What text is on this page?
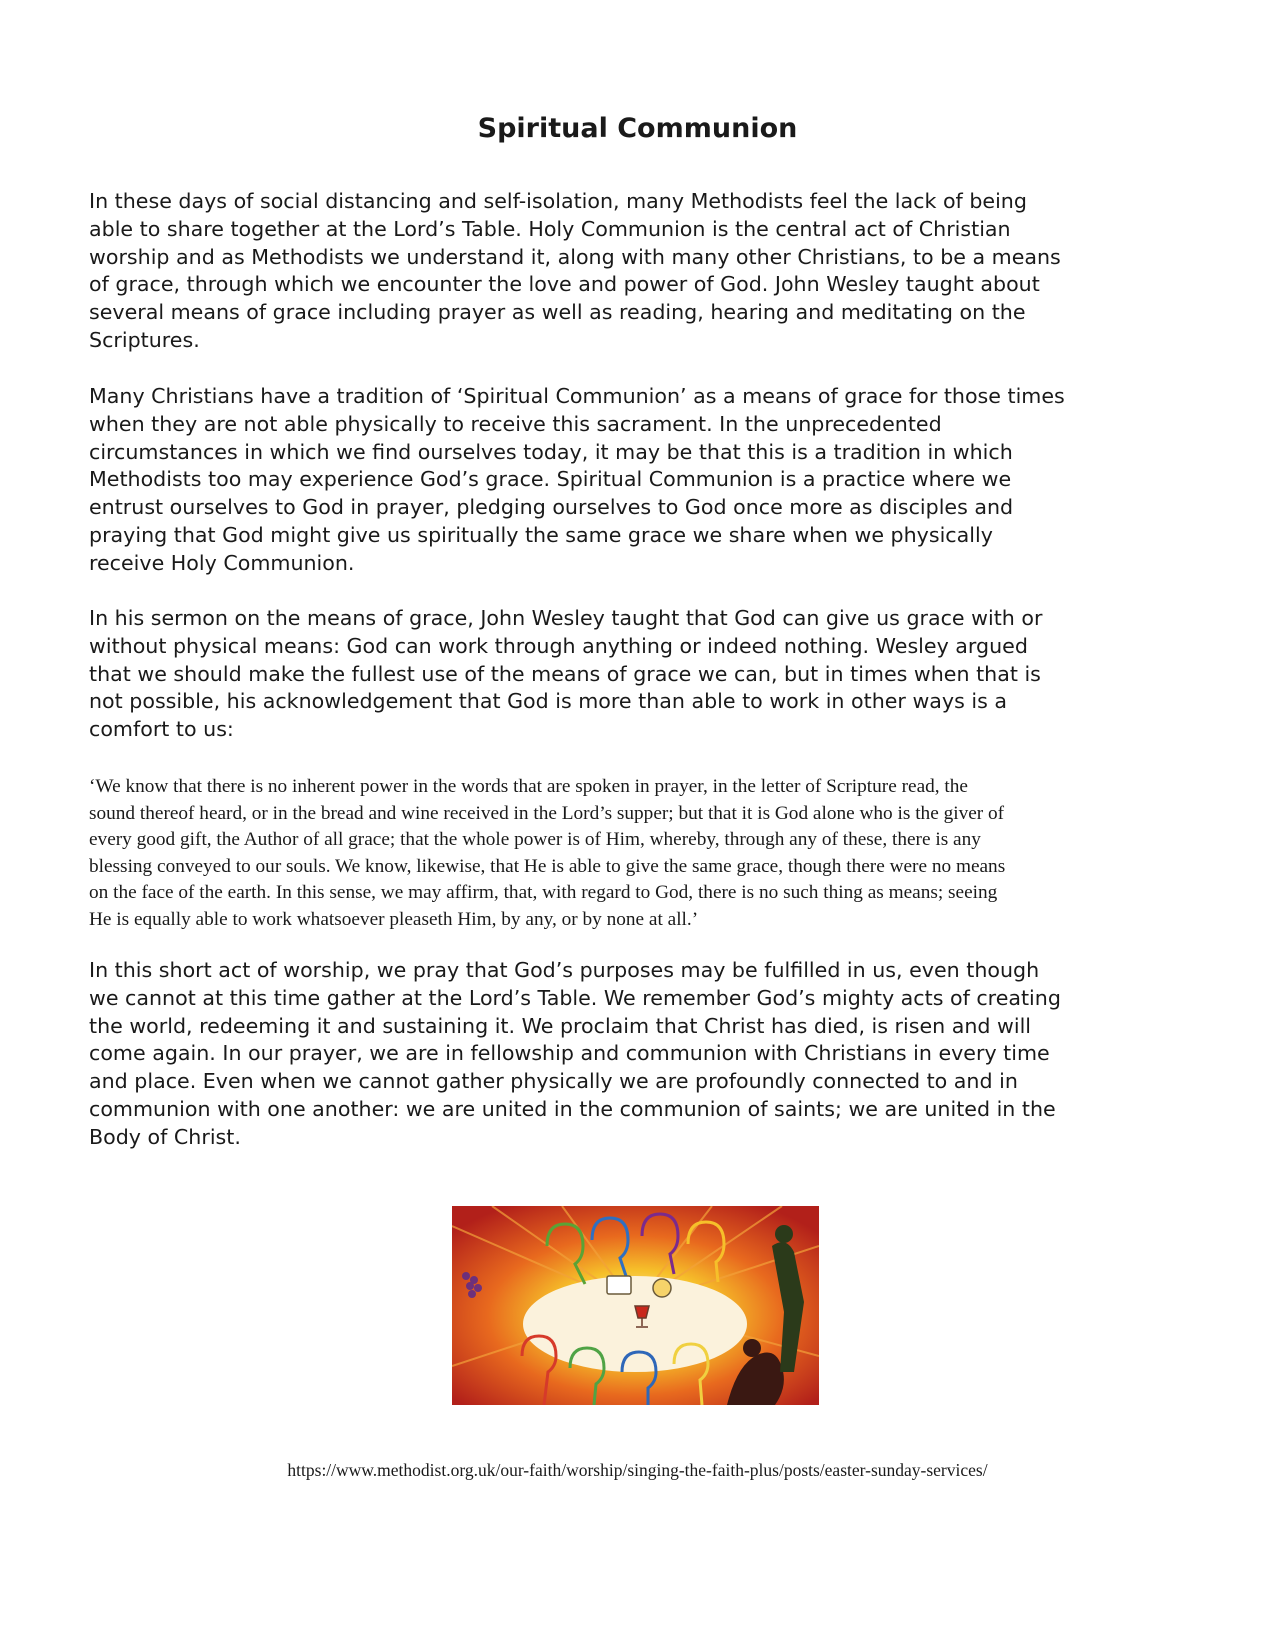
Spiritual Communion

In these days of social distancing and self-isolation, many Methodists feel the lack of being
able to share together at the Lord’s Table. Holy Communion is the central act of Christian
worship and as Methodists we understand it, along with many other Christians, to be a means
of grace, through which we encounter the love and power of God. John Wesley taught about
several means of grace including prayer as well as reading, hearing and meditating on the
Scriptures.

Many Christians have a tradition of ‘Spiritual Communion’ as a means of grace for those times
when they are not able physically to receive this sacrament. In the unprecedented
circumstances in which we find ourselves today, it may be that this is a tradition in which
Methodists too may experience God’s grace. Spiritual Communion is a practice where we
entrust ourselves to God in prayer, pledging ourselves to God once more as disciples and
praying that God might give us spiritually the same grace we share when we physically
receive Holy Communion.

In his sermon on the means of grace, John Wesley taught that God can give us grace with or
without physical means: God can work through anything or indeed nothing. Wesley argued
that we should make the fullest use of the means of grace we can, but in times when that is
not possible, his acknowledgement that God is more than able to work in other ways is a
comfort to us:

‘We know that there is no inherent power in the words that are spoken in prayer, in the letter of Scripture read, the
sound thereof heard, or in the bread and wine received in the Lord’s supper; but that it is God alone who is the giver of
every good gift, the Author of all grace; that the whole power is of Him, whereby, through any of these, there is any
blessing conveyed to our souls. We know, likewise, that He is able to give the same grace, though there were no means
on the face of the earth. In this sense, we may affirm, that, with regard to God, there is no such thing as means; seeing
He is equally able to work whatsoever pleaseth Him, by any, or by none at all.’

In this short act of worship, we pray that God’s purposes may be fulfilled in us, even though
we cannot at this time gather at the Lord’s Table. We remember God’s mighty acts of creating
the world, redeeming it and sustaining it. We proclaim that Christ has died, is risen and will
come again. In our prayer, we are in fellowship and communion with Christians in every time
and place. Even when we cannot gather physically we are profoundly connected to and in
communion with one another: we are united in the communion of saints; we are united in the
Body of Christ.

https://www.methodist.org.uk/our-faith/worship/singing-the-faith-plus/posts/easter-sunday-services/
